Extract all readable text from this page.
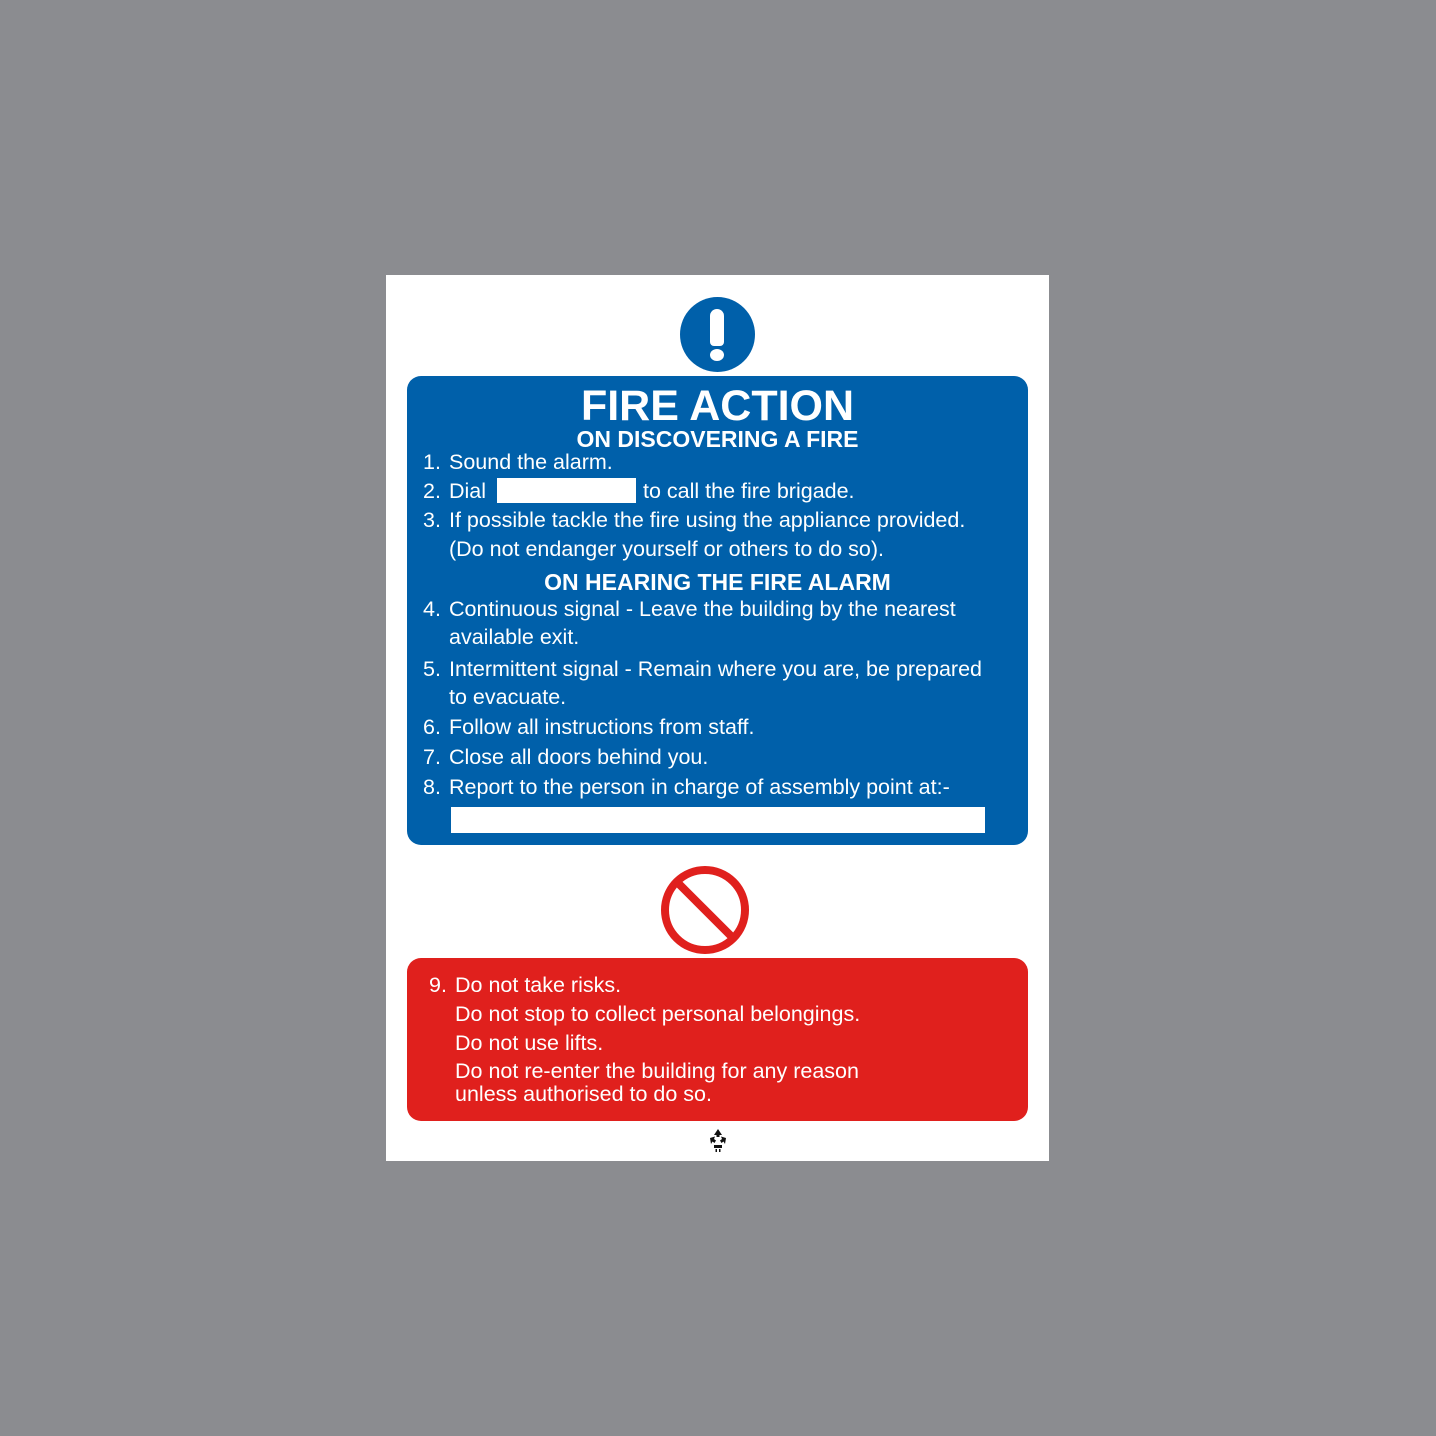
FIRE ACTION
ON DISCOVERING A FIRE
1. Sound the alarm.
2. Dial	to call the fire brigade.
3. If possible tackle the fire using the appliance provided.
(Do not endanger yourself or others to do so).
ON HEARING THE FIRE ALARM
4. Continuous signal - Leave the building by the nearest
available exit.
5. Intermittent signal - Remain where you are, be prepared
to evacuate.
6. Follow all instructions from staff.
7. Close all doors behind you.
8. Report to the person in charge of assembly point at:-
9. Do not take risks.
Do not stop to collect personal belongings.
Do not use lifts.
Do not re-enter the building for any reason
unless authorised to do so.
